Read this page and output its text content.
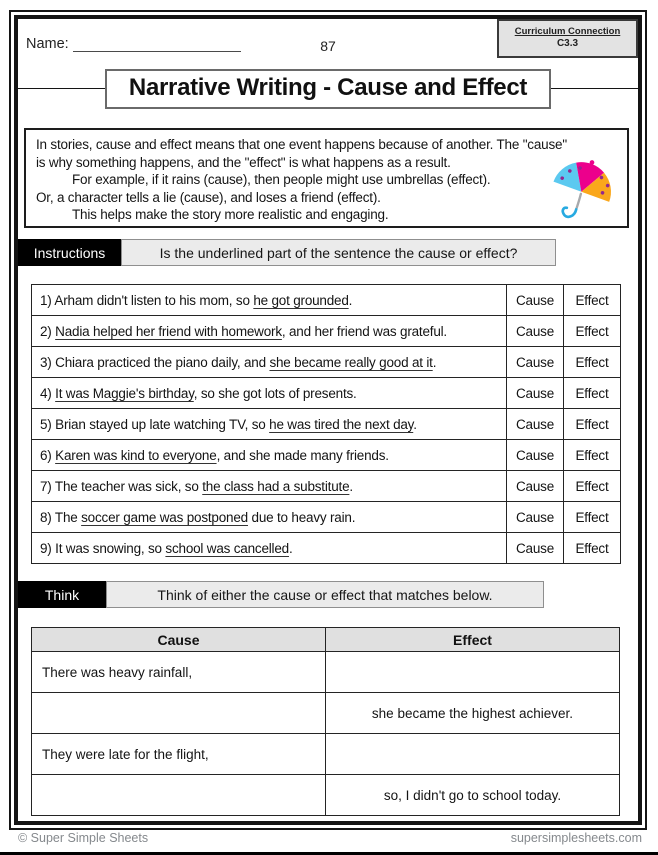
Name:	87
Curriculum Connection
C3.3
Narrative Writing - Cause and Effect
In stories, cause and effect means that one event happens because of another. The "cause"
is why something happens, and the "effect" is what happens as a result.
For example, if it rains (cause), then people might use umbrellas (effect).
Or, a character tells a lie (cause), and loses a friend (effect).
This helps make the story more realistic and engaging.
Instructions	Is the underlined part of the sentence the cause or effect?
1) Arham didn't listen to his mom, so he got grounded.	Cause	Effect
2) Nadia helped her friend with homework, and her friend was grateful.	Cause	Effect
3) Chiara practiced the piano daily, and she became really good at it.	Cause	Effect
4) It was Maggie's birthday, so she got lots of presents.	Cause	Effect
5) Brian stayed up late watching TV, so he was tired the next day.	Cause	Effect
6) Karen was kind to everyone, and she made many friends.	Cause	Effect
7) The teacher was sick, so the class had a substitute.	Cause	Effect
8) The soccer game was postponed due to heavy rain.	Cause	Effect
9) It was snowing, so school was cancelled.	Cause	Effect
Think	Think of either the cause or effect that matches below.
Cause	Effect
There was heavy rainfall,	
	she became the highest achiever.
They were late for the flight,	
	so, I didn't go to school today.
© Super Simple Sheets	supersimplesheets.com
